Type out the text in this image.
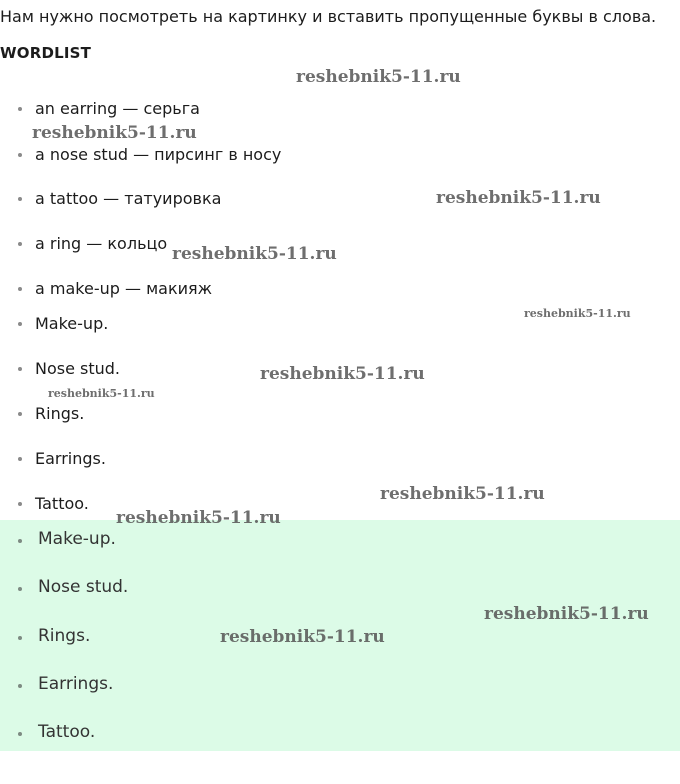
Нам нужно посмотреть на картинку и вставить пропущенные буквы в слова.
WORDLIST
an earring — серьга
a nose stud — пирсинг в носу
a tattoo — татуировка
a ring — кольцо
a make-up — макияж
Make-up.
Nose stud.
Rings.
Earrings.
Tattoo.
Make-up.
Nose stud.
Rings.
Earrings.
Tattoo.
reshebnik5-11.ru
reshebnik5-11.ru
reshebnik5-11.ru
reshebnik5-11.ru
reshebnik5-11.ru
reshebnik5-11.ru
reshebnik5-11.ru
reshebnik5-11.ru
reshebnik5-11.ru
reshebnik5-11.ru
reshebnik5-11.ru
